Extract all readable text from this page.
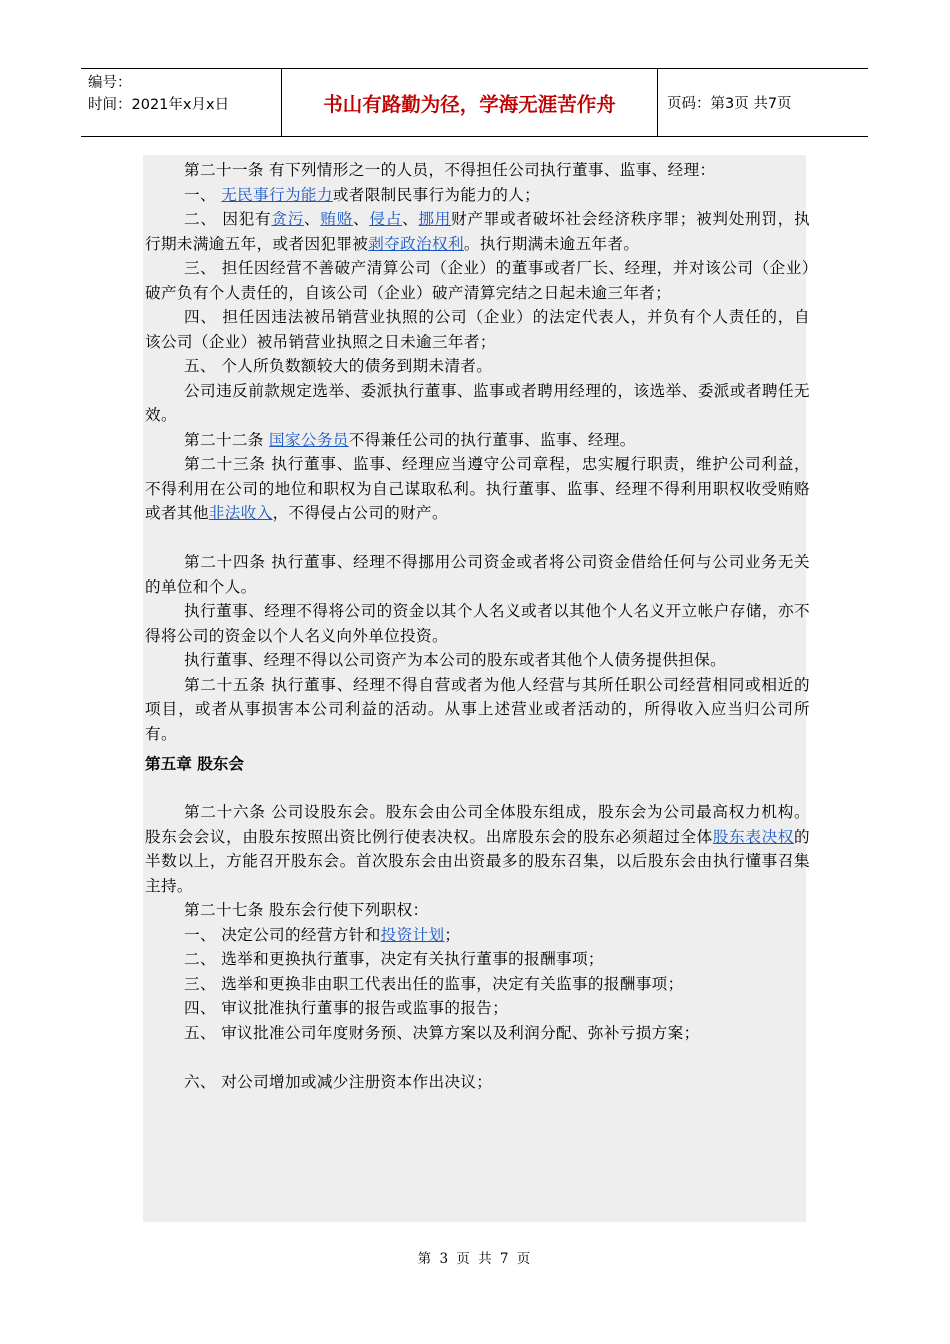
编号：
时间：2021年x月x日	书山有路勤为径，学海无涯苦作舟	页码：第3页 共7页

第二十一条 有下列情形之一的人员，不得担任公司执行董事、监事、经理：

一、 无民事行为能力或者限制民事行为能力的人；

二、 因犯有贪污、贿赂、侵占、挪用财产罪或者破坏社会经济秩序罪；被判处刑罚，执行期未满逾五年，或者因犯罪被剥夺政治权利。执行期满未逾五年者。

三、 担任因经营不善破产清算公司（企业）的董事或者厂长、经理，并对该公司（企业）破产负有个人责任的，自该公司（企业）破产清算完结之日起未逾三年者；

四、 担任因违法被吊销营业执照的公司（企业）的法定代表人，并负有个人责任的，自该公司（企业）被吊销营业执照之日未逾三年者；

五、 个人所负数额较大的债务到期未清者。

公司违反前款规定选举、委派执行董事、监事或者聘用经理的，该选举、委派或者聘任无效。

第二十二条 国家公务员不得兼任公司的执行董事、监事、经理。

第二十三条 执行董事、监事、经理应当遵守公司章程，忠实履行职责，维护公司利益，不得利用在公司的地位和职权为自己谋取私利。执行董事、监事、经理不得利用职权收受贿赂或者其他非法收入，不得侵占公司的财产。

第二十四条 执行董事、经理不得挪用公司资金或者将公司资金借给任何与公司业务无关的单位和个人。

执行董事、经理不得将公司的资金以其个人名义或者以其他个人名义开立帐户存储，亦不得将公司的资金以个人名义向外单位投资。

执行董事、经理不得以公司资产为本公司的股东或者其他个人债务提供担保。

第二十五条 执行董事、经理不得自营或者为他人经营与其所任职公司经营相同或相近的项目，或者从事损害本公司利益的活动。从事上述营业或者活动的，所得收入应当归公司所有。

第五章 股东会

第二十六条 公司设股东会。股东会由公司全体股东组成，股东会为公司最高权力机构。股东会会议，由股东按照出资比例行使表决权。出席股东会的股东必须超过全体股东表决权的半数以上，方能召开股东会。首次股东会由出资最多的股东召集，以后股东会由执行懂事召集主持。

第二十七条 股东会行使下列职权：

一、 决定公司的经营方针和投资计划；

二、 选举和更换执行董事，决定有关执行董事的报酬事项；

三、 选举和更换非由职工代表出任的监事，决定有关监事的报酬事项；

四、 审议批准执行董事的报告或监事的报告；

五、 审议批准公司年度财务预、决算方案以及利润分配、弥补亏损方案；

六、 对公司增加或减少注册资本作出决议；

第 3 页 共 7 页
